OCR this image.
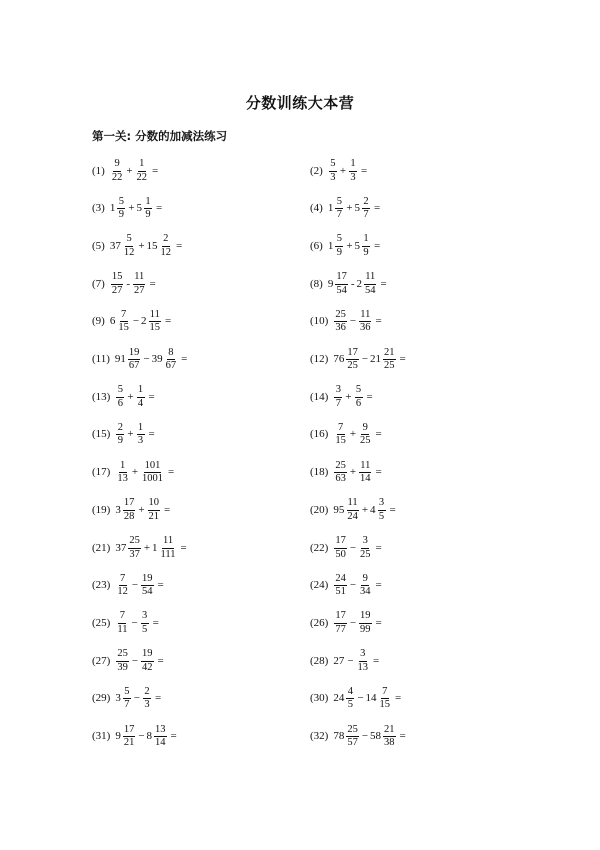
分数训练大本营
第一关: 分数的加减法练习
$(1) \frac{9}{22} + \frac{1}{22}$ =	$(2) \frac{5}{3} + \frac{1}{3}$ =
(3) $1 \frac{5}{9} + 5 \frac{1}{9}$ =	(4) $1 \frac{5}{7} + 5 \frac{2}{7}$ =
(5) $37 \frac{5}{12} + 15 \frac{2}{12}$ =	(6) $1 \frac{5}{9} + 5 \frac{1}{9}$ =
$(7) \frac{15}{27} - \frac{11}{27}$ =	(8) $9 \frac{17}{54} - 2 \frac{11}{54}$ =
(9) $6 \frac{7}{15} - 2 \frac{11}{15}$ =	$(10) \frac{25}{36} - \frac{11}{36}$ =
(11) $91 \frac{19}{67} - 39 \frac{8}{67}$ =	(12) $76 \frac{17}{25} - 21 \frac{21}{25}$ =
$(13) \frac{5}{6} + \frac{1}{4}$ =	$(14) \frac{3}{7} + \frac{5}{6}$ =
$(15) \frac{2}{9} + \frac{1}{3}$ =	$(16) \frac{7}{15} + \frac{9}{25}$ =
$(17) \frac{1}{13} + \frac{101}{1001}$ =	$(18) \frac{25}{63} + \frac{11}{14}$ =
(19) $3 \frac{17}{28} + \frac{10}{21}$ =	(20) $95 \frac{11}{24} + 4 \frac{3}{5}$ =
(21) $37 \frac{25}{37} + 1 \frac{11}{111}$ =	$(22) \frac{17}{50} - \frac{3}{25}$ =
$(23) \frac{7}{12} - \frac{19}{54}$ =	$(24) \frac{24}{51} - \frac{9}{34}$ =
$(25) \frac{7}{11} - \frac{3}{5}$ =	$(26) \frac{17}{77} - \frac{19}{99}$ =
$(27) \frac{25}{39} - \frac{19}{42}$ =	(28) $27 - \frac{3}{13}$ =
(29) $3 \frac{5}{7} - \frac{2}{3}$ =	(30) $24 \frac{4}{5} - 14 \frac{7}{15}$ =
(31) $9 \frac{17}{21} - 8 \frac{13}{14}$ =	(32) $78 \frac{25}{57} - 58 \frac{21}{38}$ =
